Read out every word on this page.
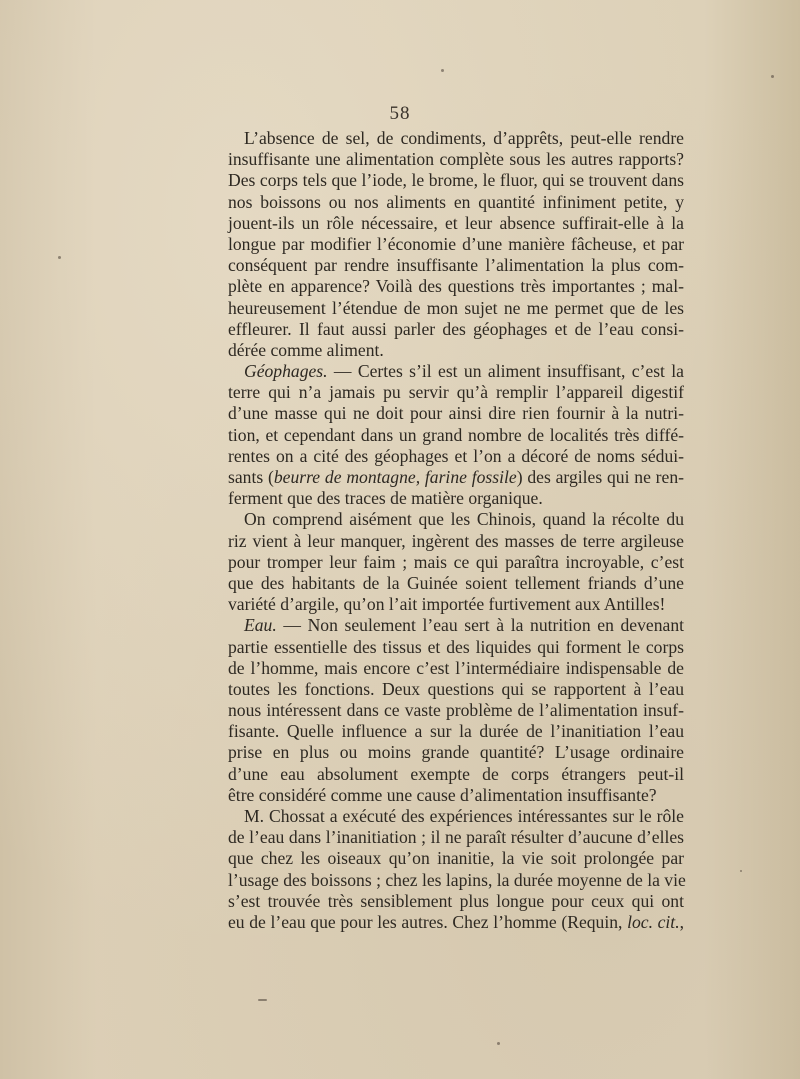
58
L’absence de sel, de condiments, d’apprêts, peut-elle rendre
insuffisante une alimentation complète sous les autres rapports?
Des corps tels que l’iode, le brome, le fluor, qui se trouvent dans
nos boissons ou nos aliments en quantité infiniment petite, y
jouent-ils un rôle nécessaire, et leur absence suffirait-elle à la
longue par modifier l’économie d’une manière fâcheuse, et par
conséquent par rendre insuffisante l’alimentation la plus com-
plète en apparence? Voilà des questions très importantes ; mal-
heureusement l’étendue de mon sujet ne me permet que de les
effleurer. Il faut aussi parler des géophages et de l’eau consi-
dérée comme aliment.
Géophages. — Certes s’il est un aliment insuffisant, c’est la
terre qui n’a jamais pu servir qu’à remplir l’appareil digestif
d’une masse qui ne doit pour ainsi dire rien fournir à la nutri-
tion, et cependant dans un grand nombre de localités très diffé-
rentes on a cité des géophages et l’on a décoré de noms sédui-
sants (beurre de montagne, farine fossile) des argiles qui ne ren-
ferment que des traces de matière organique.
On comprend aisément que les Chinois, quand la récolte du
riz vient à leur manquer, ingèrent des masses de terre argileuse
pour tromper leur faim ; mais ce qui paraîtra incroyable, c’est
que des habitants de la Guinée soient tellement friands d’une
variété d’argile, qu’on l’ait importée furtivement aux Antilles!
Eau. — Non seulement l’eau sert à la nutrition en devenant
partie essentielle des tissus et des liquides qui forment le corps
de l’homme, mais encore c’est l’intermédiaire indispensable de
toutes les fonctions. Deux questions qui se rapportent à l’eau
nous intéressent dans ce vaste problème de l’alimentation insuf-
fisante. Quelle influence a sur la durée de l’inanitiation l’eau
prise en plus ou moins grande quantité? L’usage ordinaire
d’une eau absolument exempte de corps étrangers peut-il
être considéré comme une cause d’alimentation insuffisante?
M. Chossat a exécuté des expériences intéressantes sur le rôle
de l’eau dans l’inanitiation ; il ne paraît résulter d’aucune d’elles
que chez les oiseaux qu’on inanitie, la vie soit prolongée par
l’usage des boissons ; chez les lapins, la durée moyenne de la vie
s’est trouvée très sensiblement plus longue pour ceux qui ont
eu de l’eau que pour les autres. Chez l’homme (Requin, loc. cit.,
